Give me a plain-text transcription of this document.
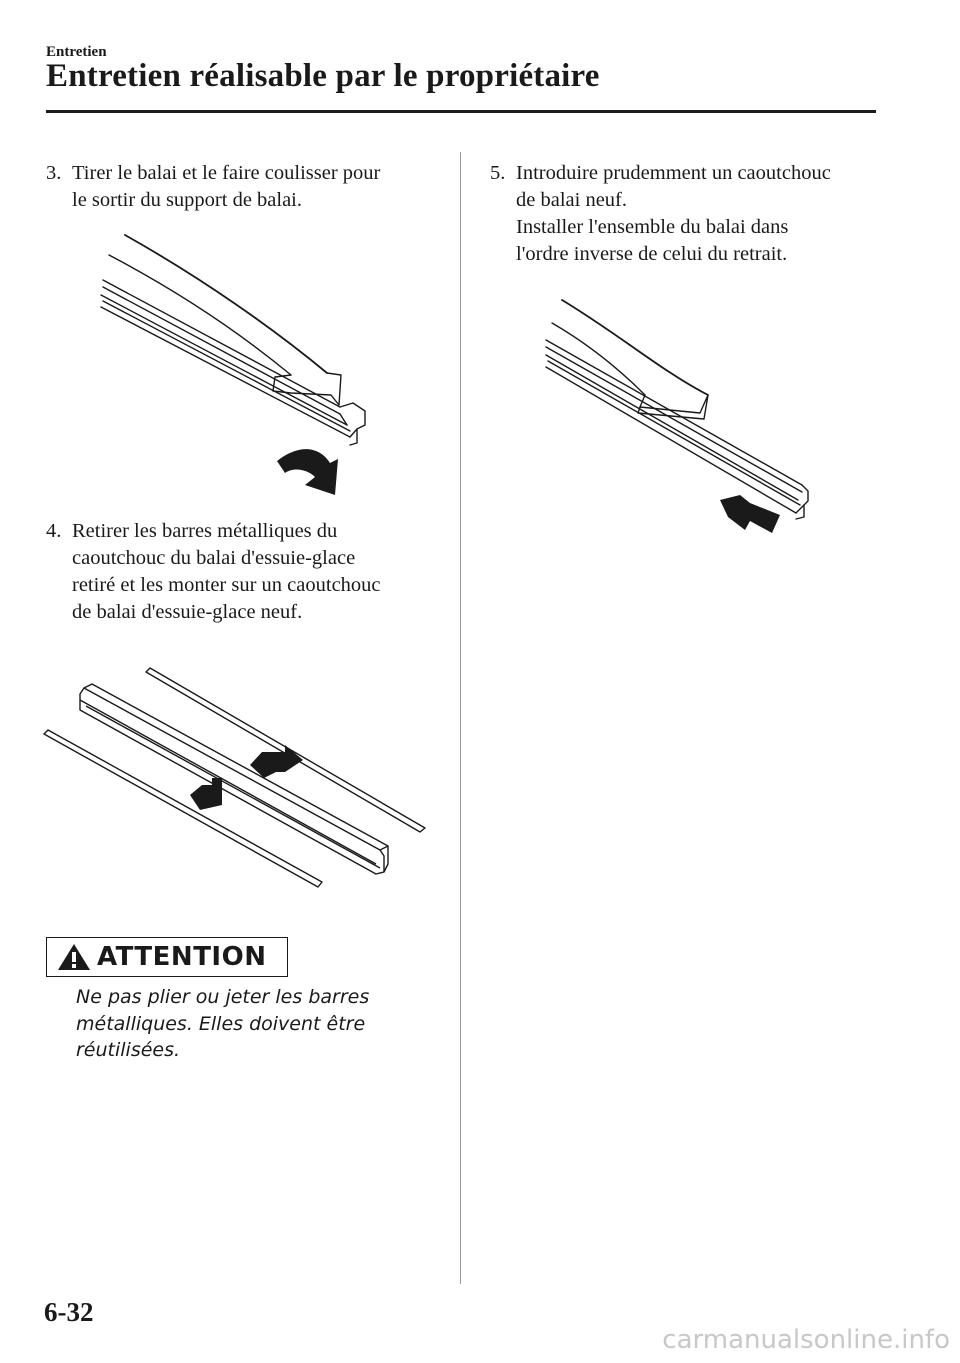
Entretien
Entretien réalisable par le propriétaire
3. Tirer le balai et le faire coulisser pour
le sortir du support de balai.
4. Retirer les barres métalliques du
caoutchouc du balai d'essuie-glace
retiré et les monter sur un caoutchouc
de balai d'essuie-glace neuf.
ATTENTION
Ne pas plier ou jeter les barres
métalliques. Elles doivent être
réutilisées.
5. Introduire prudemment un caoutchouc
de balai neuf.
Installer l'ensemble du balai dans
l'ordre inverse de celui du retrait.
6-32
carmanualsonline.info
